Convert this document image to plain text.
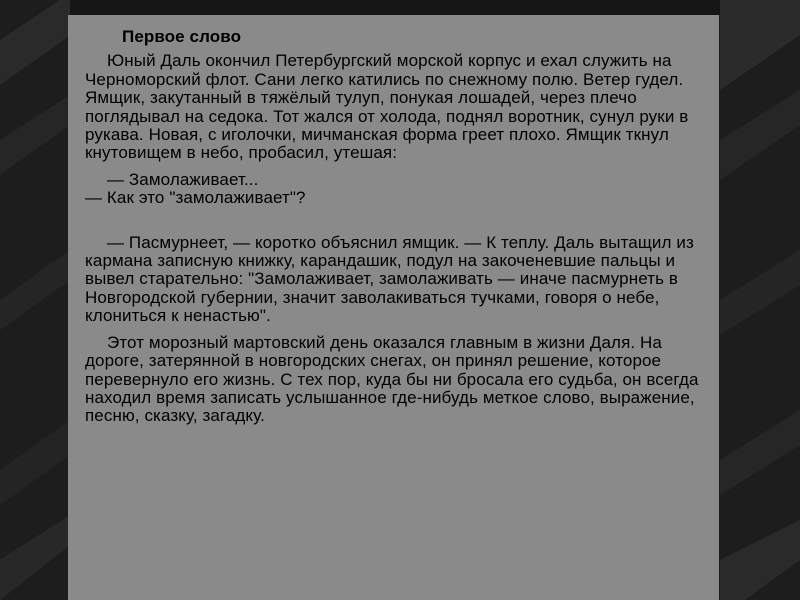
Первое слово

Юный Даль окончил Петербургский морской корпус и ехал служить на Черноморский флот. Сани легко катились по снежному полю. Ветер гудел. Ямщик, закутанный в тяжёлый тулуп, понукая лошадей, через плечо поглядывал на седока. Тот жался от холода, поднял воротник, сунул руки в рукава. Новая, с иголочки, мичманская форма греет плохо. Ямщик ткнул кнутовищем в небо, пробасил, утешая:

— Замолаживает...

— Как это "замолаживает"?

— Пасмурнеет, — коротко объяснил ямщик. — К теплу. Даль вытащил из кармана записную книжку, карандашик, подул на закоченевшие пальцы и вывел старательно: "Замолаживает, замолаживать — иначе пасмурнеть в Новгородской губернии, значит заволакиваться тучками, говоря о небе, клониться к ненастью".

Этот морозный мартовский день оказался главным в жизни Даля. На дороге, затерянной в новгородских снегах, он принял решение, которое перевернуло его жизнь. С тех пор, куда бы ни бросала его судьба, он всегда находил время записать услышанное где-нибудь меткое слово, выражение, песню, сказку, загадку.
